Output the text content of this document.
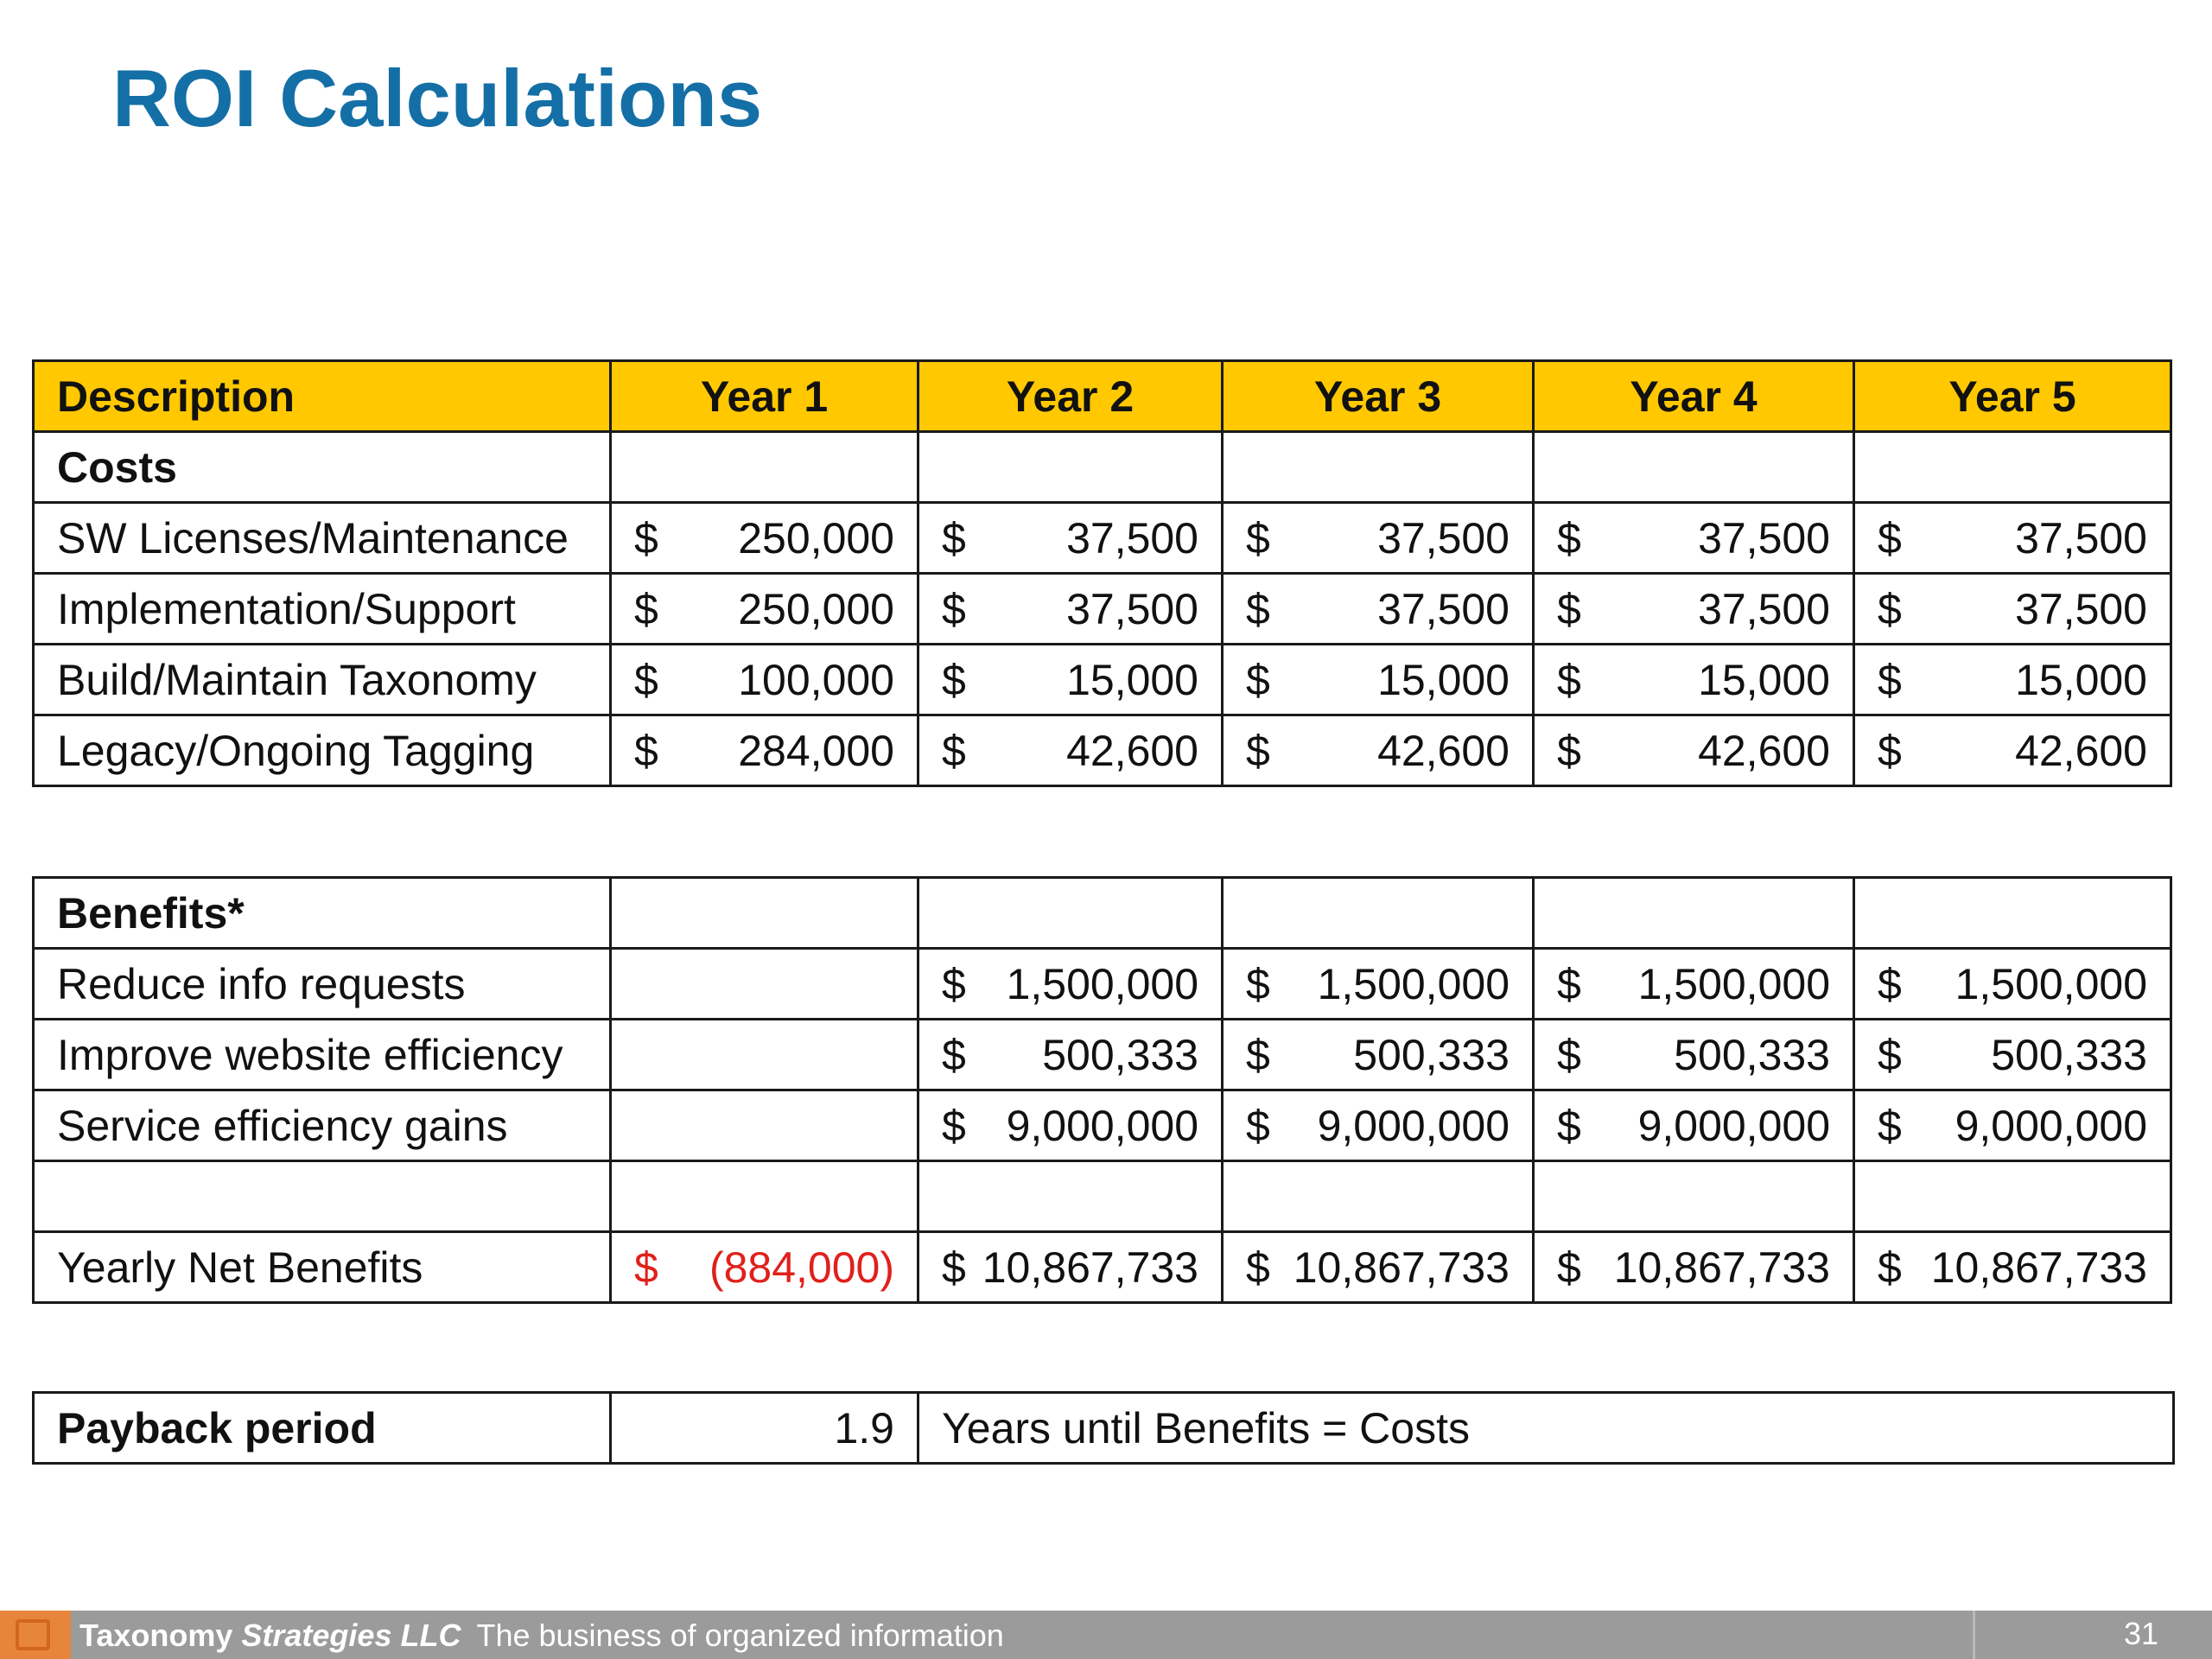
ROI Calculations
Description	Year 1	Year 2	Year 3	Year 4	Year 5
Costs					
SW Licenses/Maintenance	$ 250,000	$ 37,500	$ 37,500	$ 37,500	$ 37,500

Implementation/Support	$ 250,000	$ 37,500	$ 37,500	$ 37,500	$ 37,500

Build/Maintain Taxonomy	$ 100,000	$ 15,000	$ 15,000	$ 15,000	$ 15,000

Legacy/Ongoing Tagging	$ 284,000	$ 42,600	$ 42,600	$ 42,600	$ 42,600
Benefits*					
Reduce info requests		$ 1,500,000	$ 1,500,000	$ 1,500,000	$ 1,500,000

Improve website efficiency		$ 500,333	$ 500,333	$ 500,333	$ 500,333

Service efficiency gains		$ 9,000,000	$ 9,000,000	$ 9,000,000	$ 9,000,000

Yearly Net Benefits	$ (884,000)	$ 10,867,733	$ 10,867,733	$ 10,867,733	$ 10,867,733
Payback period	1.9	Years until Benefits = Costs
Taxonomy Strategies LLC The business of organized information	31
